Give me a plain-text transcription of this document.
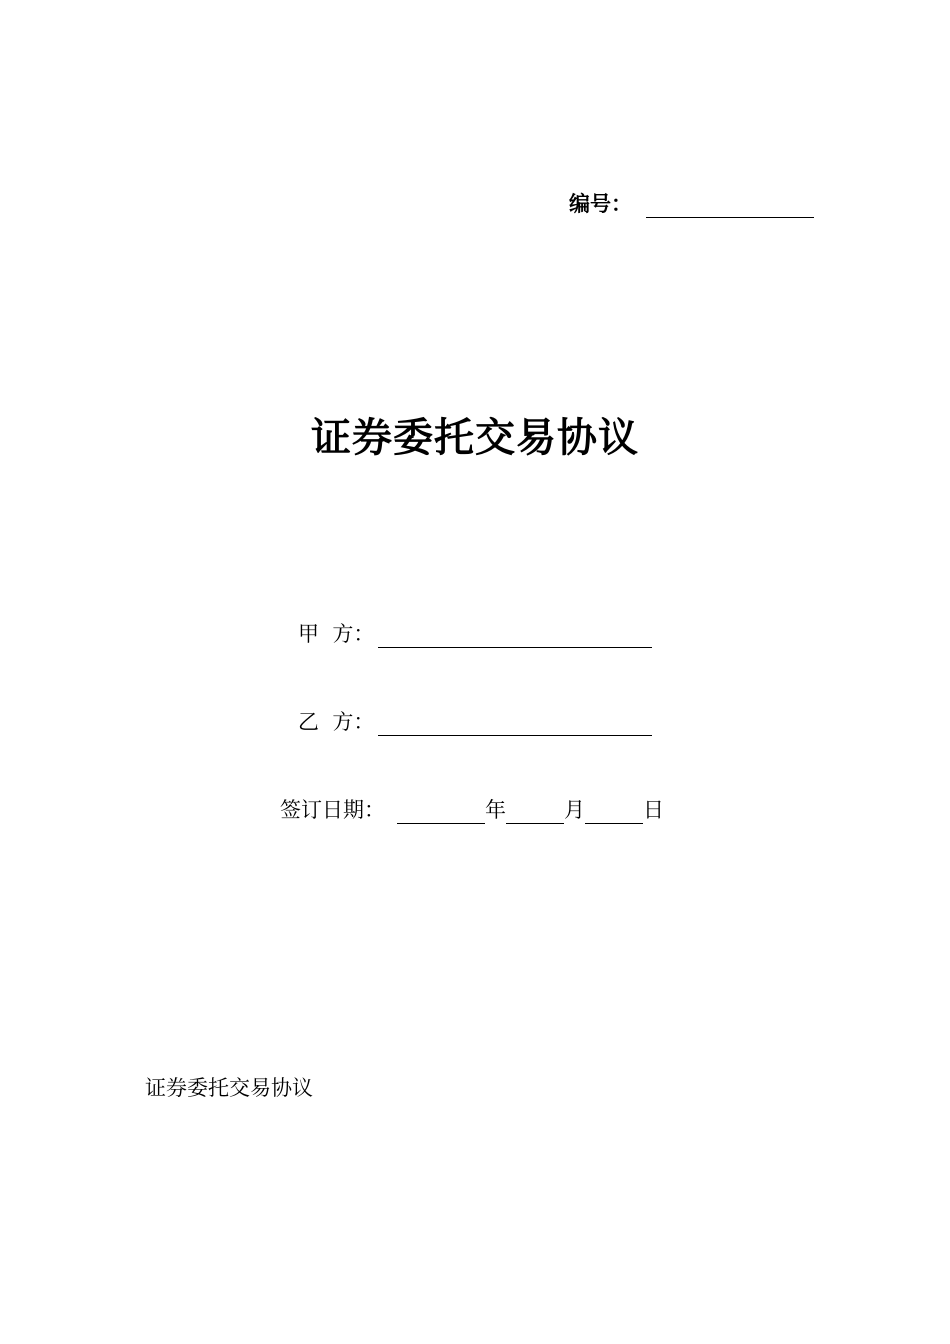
编号：
证券委托交易协议
甲  方：
乙  方：
签订日期：	年	月	日
证券委托交易协议
